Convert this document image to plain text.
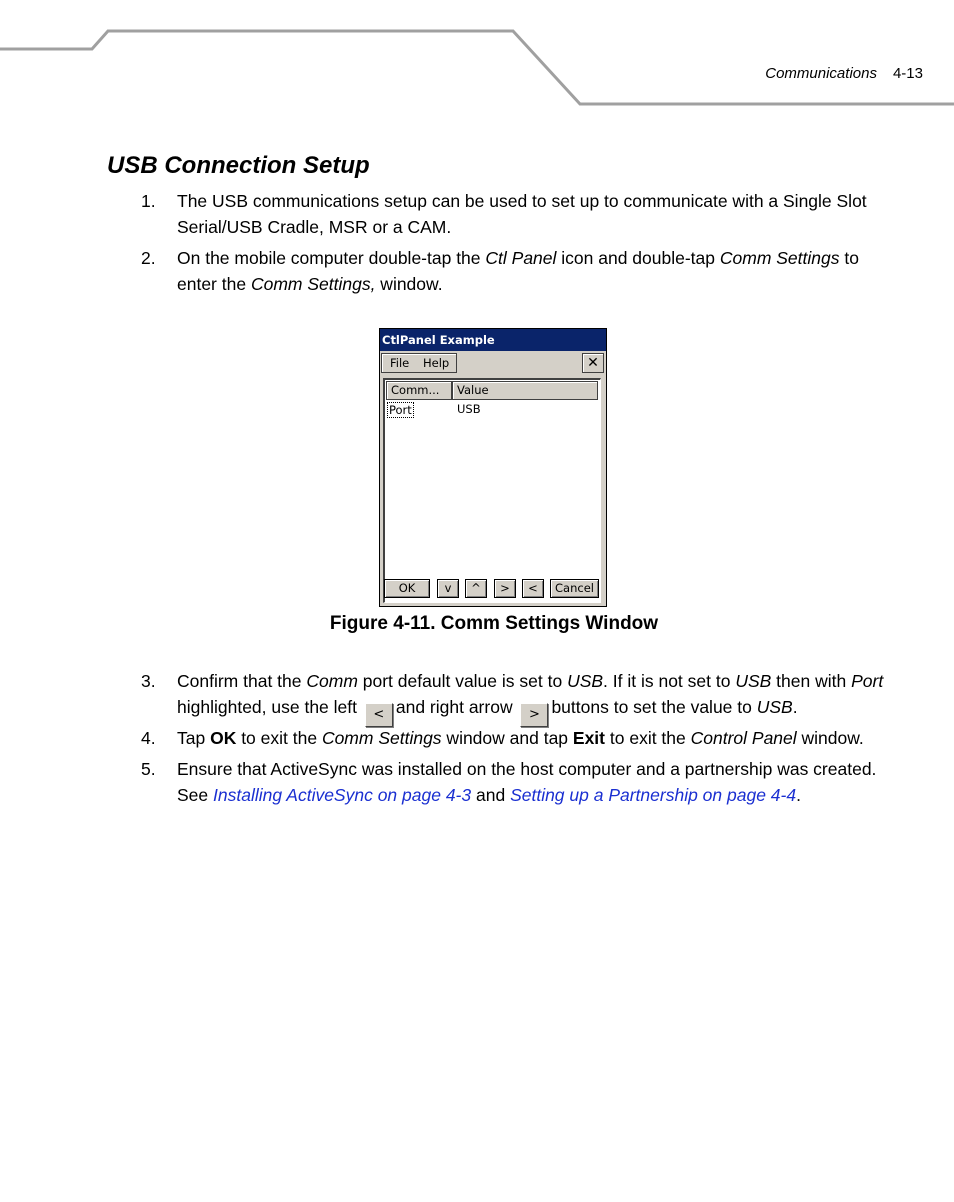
Communications 4-13
USB Connection Setup
1. The USB communications setup can be used to set up to communicate with a Single Slot Serial/USB Cradle, MSR or a CAM.
2. On the mobile computer double-tap the Ctl Panel icon and double-tap Comm Settings to enter the Comm Settings, window.
CtlPanel Example
File Help	✕
Comm...	Value
Port	USB
OK	v	^	>	<	Cancel
Figure 4-11. Comm Settings Window
3. Confirm that the Comm port default value is set to USB. If it is not set to USB then with Port highlighted, use the left < and right arrow > buttons to set the value to USB.
4. Tap OK to exit the Comm Settings window and tap Exit to exit the Control Panel window.
5. Ensure that ActiveSync was installed on the host computer and a partnership was created. See Installing ActiveSync on page 4-3 and Setting up a Partnership on page 4-4.
